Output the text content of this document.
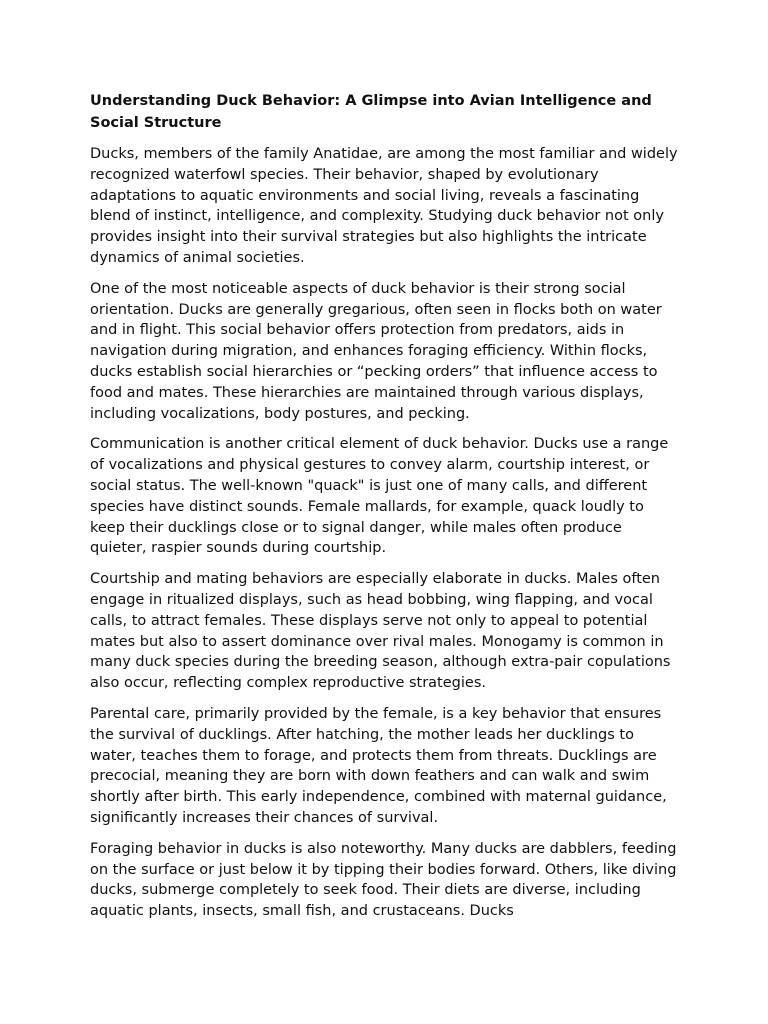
Understanding Duck Behavior: A Glimpse into Avian Intelligence and Social Structure

Ducks, members of the family Anatidae, are among the most familiar and widely recognized waterfowl species. Their behavior, shaped by evolutionary adaptations to aquatic environments and social living, reveals a fascinating blend of instinct, intelligence, and complexity. Studying duck behavior not only provides insight into their survival strategies but also highlights the intricate dynamics of animal societies.

One of the most noticeable aspects of duck behavior is their strong social orientation. Ducks are generally gregarious, often seen in flocks both on water and in flight. This social behavior offers protection from predators, aids in navigation during migration, and enhances foraging efficiency. Within flocks, ducks establish social hierarchies or “pecking orders” that influence access to food and mates. These hierarchies are maintained through various displays, including vocalizations, body postures, and pecking.

Communication is another critical element of duck behavior. Ducks use a range of vocalizations and physical gestures to convey alarm, courtship interest, or social status. The well-known "quack" is just one of many calls, and different species have distinct sounds. Female mallards, for example, quack loudly to keep their ducklings close or to signal danger, while males often produce quieter, raspier sounds during courtship.

Courtship and mating behaviors are especially elaborate in ducks. Males often engage in ritualized displays, such as head bobbing, wing flapping, and vocal calls, to attract females. These displays serve not only to appeal to potential mates but also to assert dominance over rival males. Monogamy is common in many duck species during the breeding season, although extra-pair copulations also occur, reflecting complex reproductive strategies.

Parental care, primarily provided by the female, is a key behavior that ensures the survival of ducklings. After hatching, the mother leads her ducklings to water, teaches them to forage, and protects them from threats. Ducklings are precocial, meaning they are born with down feathers and can walk and swim shortly after birth. This early independence, combined with maternal guidance, significantly increases their chances of survival.

Foraging behavior in ducks is also noteworthy. Many ducks are dabblers, feeding on the surface or just below it by tipping their bodies forward. Others, like diving ducks, submerge completely to seek food. Their diets are diverse, including aquatic plants, insects, small fish, and crustaceans. Ducks
